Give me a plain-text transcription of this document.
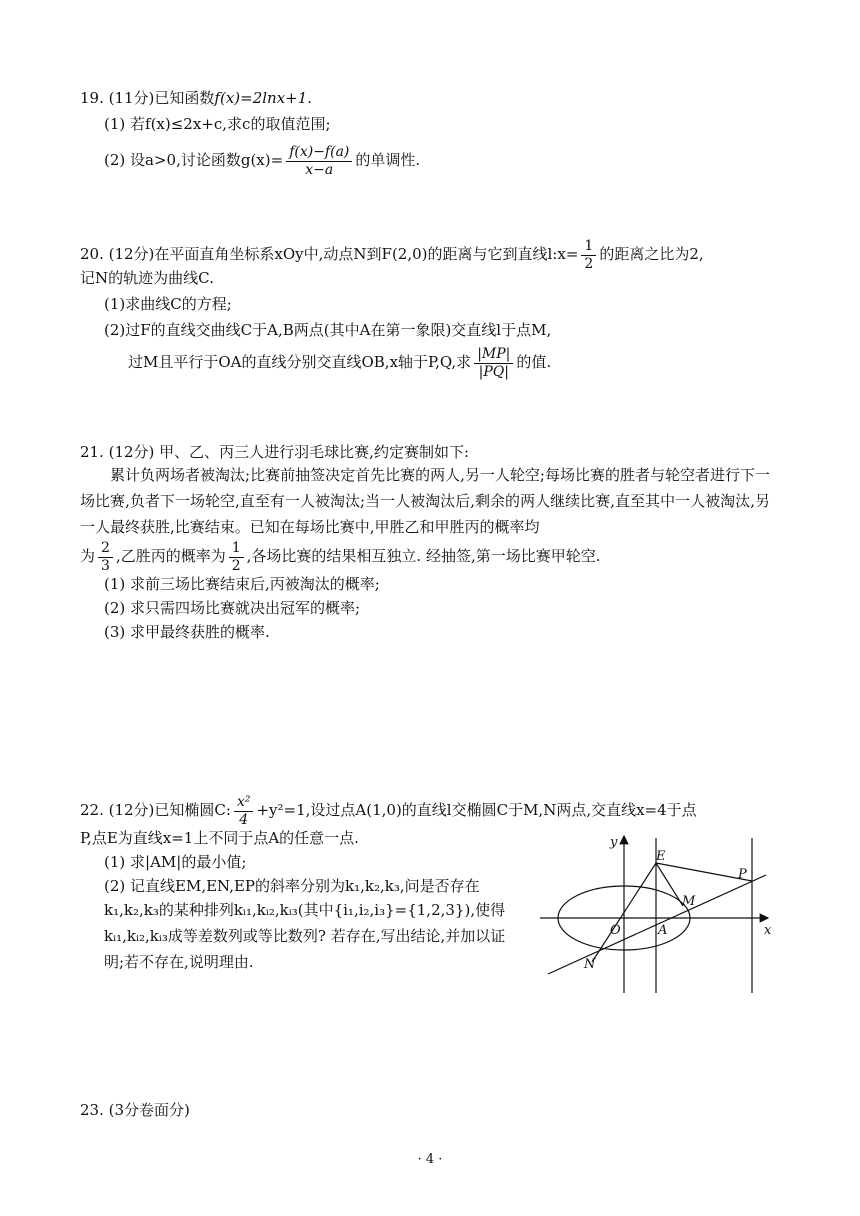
19. (11分)已知函数f(x)=2lnx+1.
(1) 若f(x)≤2x+c,求c的取值范围;
(2) 设a>0,讨论函数$g(x)= \frac{f(x)-f(a)}{x-a}$ 的单调性.
20. (12分)在平面直角坐标系xOy中,动点N到F(2,0)的距离与它到直线l:x= $\frac{1}{2}$ 的距离之比为2,
记N的轨迹为曲线C.
(1)求曲线C的方程;
(2)过F的直线交曲线C于A,B两点(其中A在第一象限)交直线l于点M,
过M且平行于OA的直线分别交直线OB,x轴于P,Q,求 $\frac{|MP|}{|PQ|}$ 的值.
21. (12分) 甲、乙、丙三人进行羽毛球比赛,约定赛制如下:
累计负两场者被淘汰;比赛前抽签决定首先比赛的两人,另一人轮空;每场比赛的胜者与轮空者进行下一场比赛,负者下一场轮空,直至有一人被淘汰;当一人被淘汰后,剩余的两人继续比赛,直至其中一人被淘汰,另一人最终获胜,比赛结束。已知在每场比赛中,甲胜乙和甲胜丙的概率均
为 $\frac{2}{3}$ ,乙胜丙的概率为 $\frac{1}{2}$ ,各场比赛的结果相互独立. 经抽签,第一场比赛甲轮空.
(1) 求前三场比赛结束后,丙被淘汰的概率;
(2) 求只需四场比赛就决出冠军的概率;
(3) 求甲最终获胜的概率.
22. (12分)已知椭圆C: $\frac{\text{x²}}{4} +y^2=1$,设过点A(1,0)的直线l交椭圆C于M,N两点,交直线x=4于点
P,点E为直线x=1上不同于点A的任意一点.
(1) 求|AM|的最小值;
(2) 记直线EM,EN,EP的斜率分别为k₁,k₂,k₃,问是否存在
k₁,k₂,k₃的某种排列kᵢ₁,kᵢ₂,kᵢ₃(其中{i₁,i₂,i₃}={1,2,3}),使得
kᵢ₁,kᵢ₂,kᵢ₃成等差数列或等比数列? 若存在,写出结论,并加以证
明;若不存在,说明理由.
y
x
O	A
E
P
M
N
23. (3分卷面分)
· 4 ·
